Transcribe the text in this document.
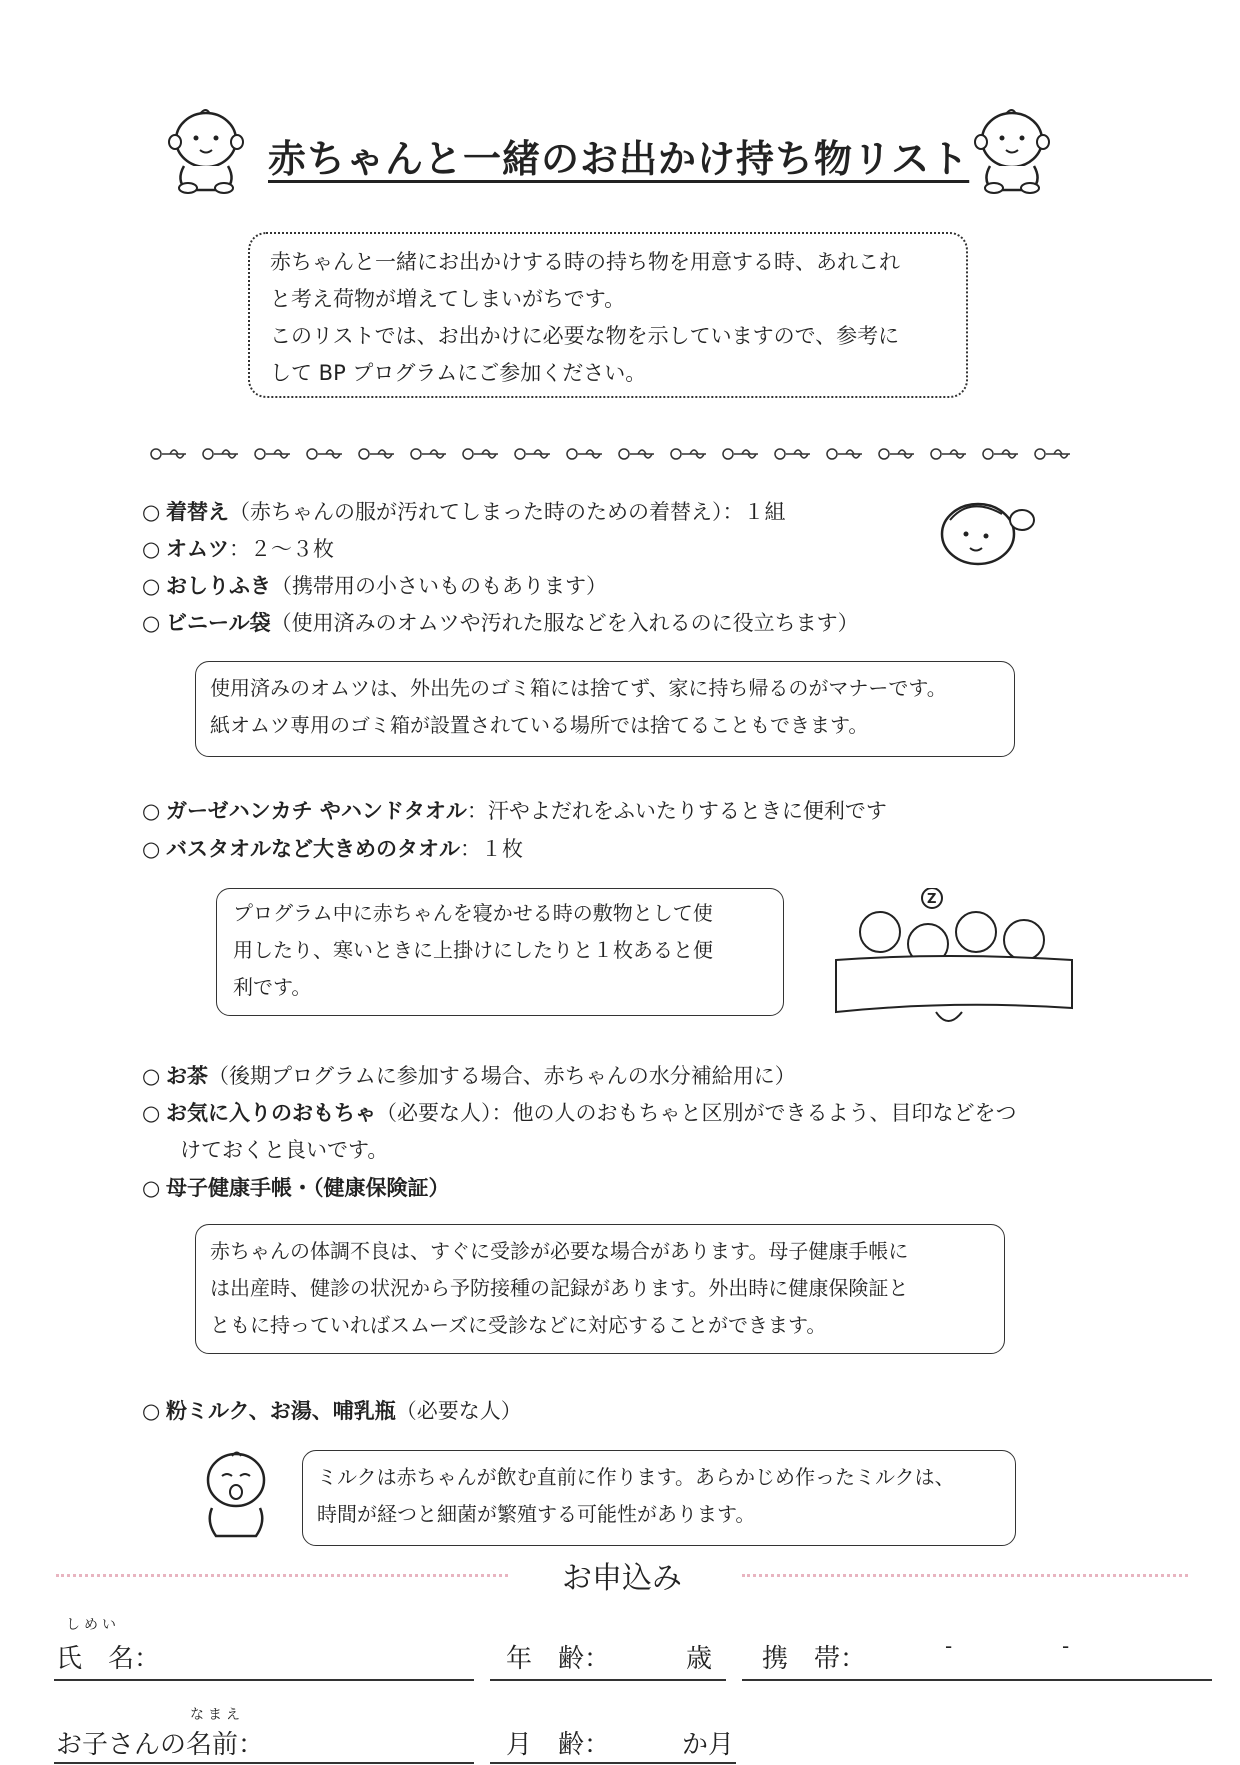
赤ちゃんと一緒のお出かけ持ち物リスト
赤ちゃんと一緒にお出かけする時の持ち物を用意する時、あれこれ
と考え荷物が増えてしまいがちです。
このリストでは、お出かけに必要な物を示していますので、参考に
して BP プログラムにご参加ください。
○ 着替え（赤ちゃんの服が汚れてしまった時のための着替え）：１組
○ オムツ：２～３枚
○ おしりふき（携帯用の小さいものもあります）
○ ビニール袋（使用済みのオムツや汚れた服などを入れるのに役立ちます）
使用済みのオムツは、外出先のゴミ箱には捨てず、家に持ち帰るのがマナーです。
紙オムツ専用のゴミ箱が設置されている場所では捨てることもできます。
○ ガーゼハンカチ やハンドタオル：汗やよだれをふいたりするときに便利です
○ バスタオルなど大きめのタオル：１枚
プログラム中に赤ちゃんを寝かせる時の敷物として使
用したり、寒いときに上掛けにしたりと１枚あると便
利です。
Z
○ お茶（後期プログラムに参加する場合、赤ちゃんの水分補給用に）
○ お気に入りのおもちゃ（必要な人）：他の人のおもちゃと区別ができるよう、目印などをつ
けておくと良いです。
○ 母子健康手帳・（健康保険証）
赤ちゃんの体調不良は、すぐに受診が必要な場合があります。母子健康手帳に
は出産時、健診の状況から予防接種の記録があります。外出時に健康保険証と
ともに持っていればスムーズに受診などに対応することができます。
○ 粉ミルク、お湯、哺乳瓶（必要な人）
ミルクは赤ちゃんが飲む直前に作ります。あらかじめ作ったミルクは、
時間が経つと細菌が繁殖する可能性があります。
お申込み
しめい
氏　名：	年　齢：	歳 携　帯：	-	-
なまえ
お子さんの名前：	月　齢：	か月
